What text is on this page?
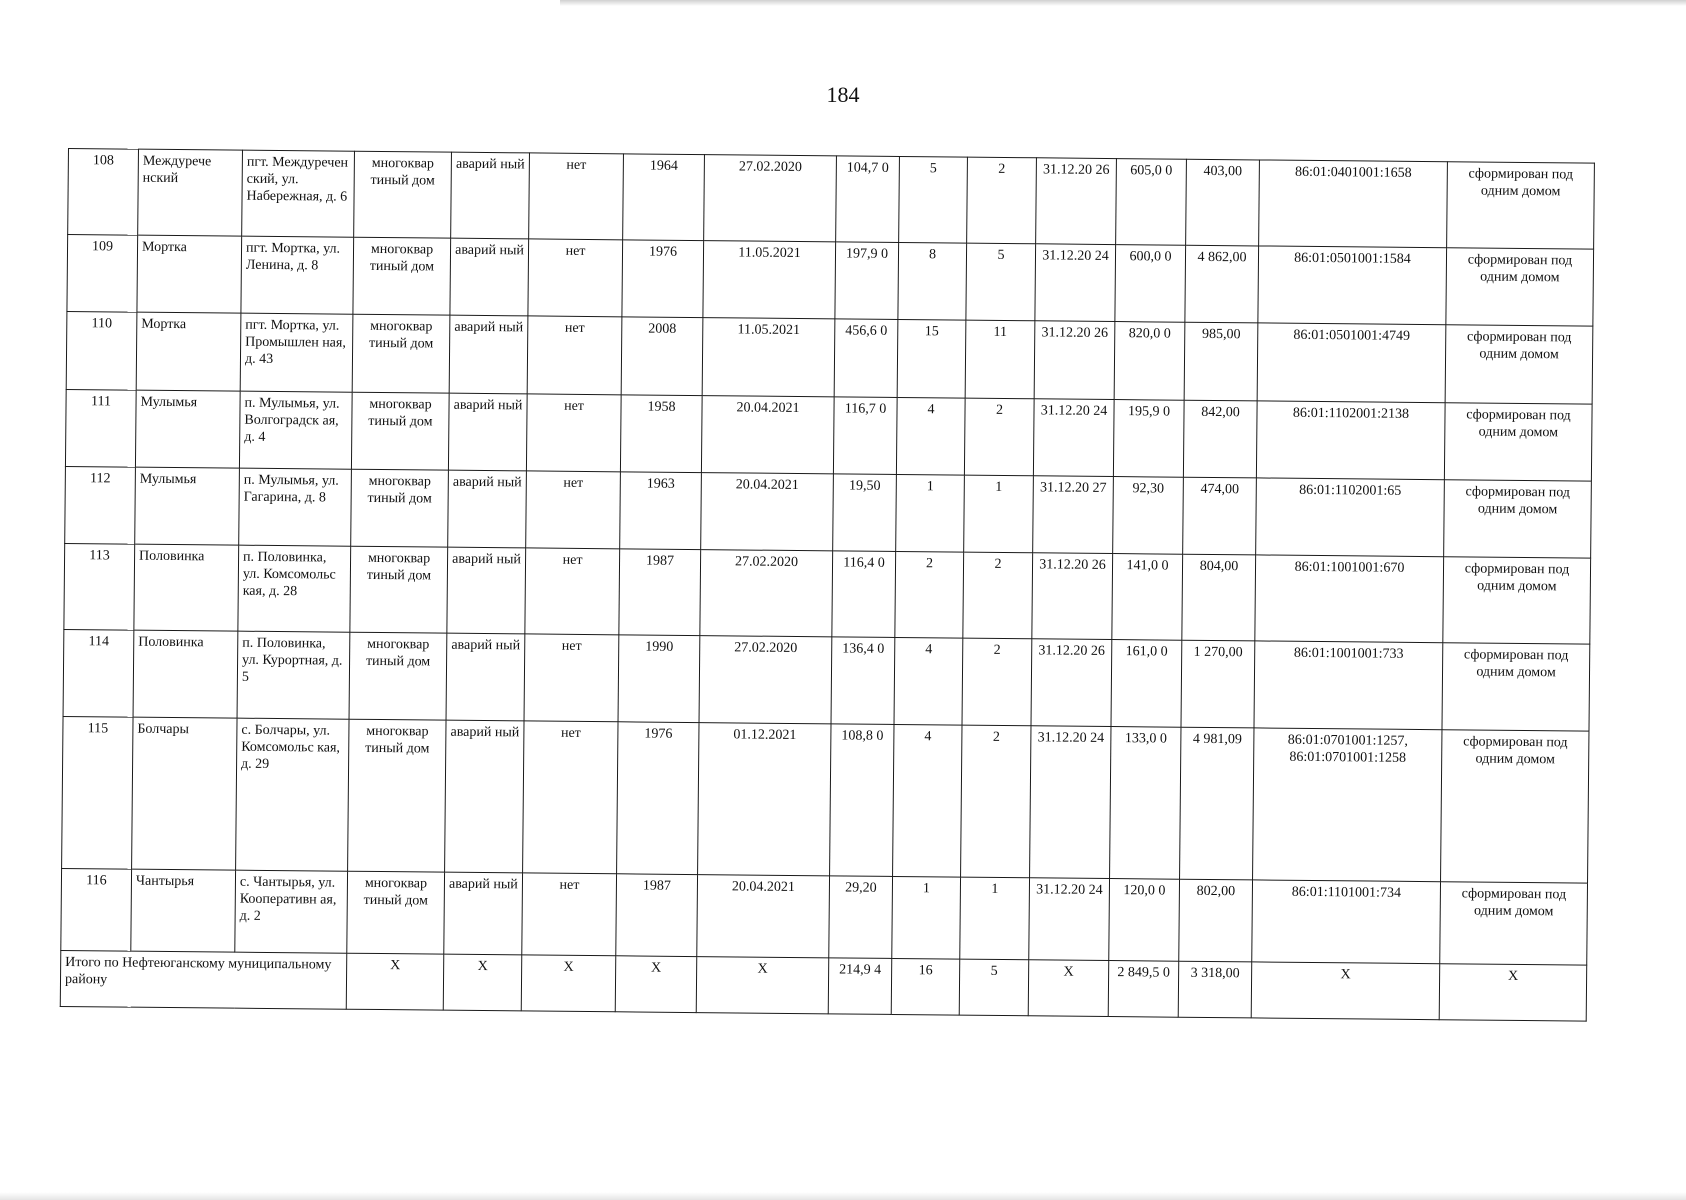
184
108	Междуречe нский	пгт. Междуречен ский, ул. Набережная, д. 6	многоквар тиный дом	аварий ный	нет	1964	27.02.2020	104,7 0	5	2	31.12.20 26	605,0 0	403,00	86:01:0401001:1658	сформирован под одним домом
109	Мортка	пгт. Мортка, ул. Ленина, д. 8	многоквар тиный дом	аварий ный	нет	1976	11.05.2021	197,9 0	8	5	31.12.20 24	600,0 0	4 862,00	86:01:0501001:1584	сформирован под одним домом
110	Мортка	пгт. Мортка, ул. Промышлен ная, д. 43	многоквар тиный дом	аварий ный	нет	2008	11.05.2021	456,6 0	15	11	31.12.20 26	820,0 0	985,00	86:01:0501001:4749	сформирован под одним домом
111	Мулымья	п. Мулымья, ул. Волгоградск ая, д. 4	многоквар тиный дом	аварий ный	нет	1958	20.04.2021	116,7 0	4	2	31.12.20 24	195,9 0	842,00	86:01:1102001:2138	сформирован под одним домом
112	Мулымья	п. Мулымья, ул. Гагарина, д. 8	многоквар тиный дом	аварий ный	нет	1963	20.04.2021	19,50	1	1	31.12.20 27	92,30	474,00	86:01:1102001:65	сформирован под одним домом
113	Половинка	п. Половинка, ул. Комсомольс кая, д. 28	многоквар тиный дом	аварий ный	нет	1987	27.02.2020	116,4 0	2	2	31.12.20 26	141,0 0	804,00	86:01:1001001:670	сформирован под одним домом
114	Половинка	п. Половинка, ул. Курортная, д. 5	многоквар тиный дом	аварий ный	нет	1990	27.02.2020	136,4 0	4	2	31.12.20 26	161,0 0	1 270,00	86:01:1001001:733	сформирован под одним домом
115	Болчары	с. Болчары, ул. Комсомольс кая, д. 29	многоквар тиный дом	аварий ный	нет	1976	01.12.2021	108,8 0	4	2	31.12.20 24	133,0 0	4 981,09	86:01:0701001:1257, 86:01:0701001:1258	сформирован под одним домом
116	Чантырья	с. Чантырья, ул. Кооперативн ая, д. 2	многоквар тиный дом	аварий ный	нет	1987	20.04.2021	29,20	1	1	31.12.20 24	120,0 0	802,00	86:01:1101001:734	сформирован под одним домом
Итого по Нефтеюганскому муниципальному району			X	X	X	X	X	214,9 4	16	5	X	2 849,5 0	3 318,00	X	X
